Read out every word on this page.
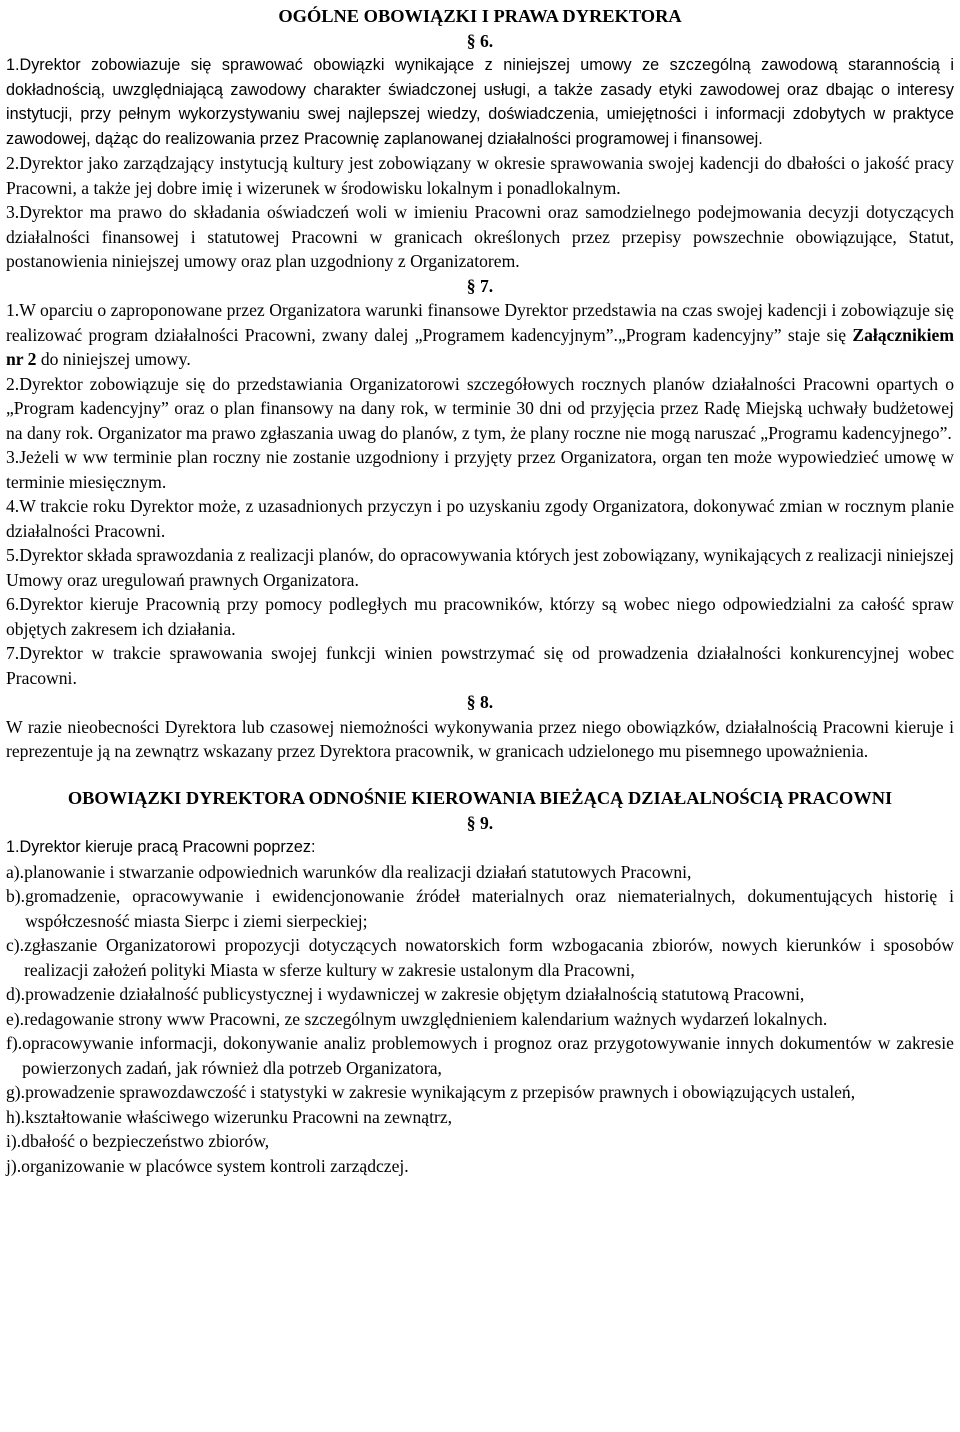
OGÓLNE OBOWIĄZKI I PRAWA DYREKTORA
§ 6.

1.Dyrektor zobowiazuje się sprawować obowiązki wynikające z niniejszej umowy ze szczególną zawodową starannością i dokładnością, uwzględniającą zawodowy charakter świadczonej usługi, a także zasady etyki zawodowej oraz dbając o interesy instytucji, przy pełnym wykorzystywaniu swej najlepszej wiedzy, doświadczenia, umiejętności i informacji zdobytych w praktyce zawodowej, dążąc do realizowania przez Pracownię zaplanowanej działalności programowej i finansowej.

2.Dyrektor jako zarządzający instytucją kultury jest zobowiązany w okresie sprawowania swojej kadencji do dbałości o jakość pracy Pracowni, a także jej dobre imię i wizerunek w środowisku lokalnym i ponadlokalnym.

3.Dyrektor ma prawo do składania oświadczeń woli w imieniu Pracowni oraz samodzielnego podejmowania decyzji dotyczących działalności finansowej i statutowej Pracowni w granicach określonych przez przepisy powszechnie obowiązujące, Statut, postanowienia niniejszej umowy oraz plan uzgodniony z Organizatorem.

§ 7.

1.W oparciu o zaproponowane przez Organizatora warunki finansowe Dyrektor przedstawia na czas swojej kadencji i zobowiązuje się realizować program działalności Pracowni, zwany dalej „Programem kadencyjnym”.„Program kadencyjny” staje się Załącznikiem nr 2 do niniejszej umowy.

2.Dyrektor zobowiązuje się do przedstawiania Organizatorowi szczegółowych rocznych planów działalności Pracowni opartych o „Program kadencyjny” oraz o plan finansowy na dany rok, w terminie 30 dni od przyjęcia przez Radę Miejską uchwały budżetowej na dany rok. Organizator ma prawo zgłaszania uwag do planów, z tym, że plany roczne nie mogą naruszać „Programu kadencyjnego”.

3.Jeżeli w ww terminie plan roczny nie zostanie uzgodniony i przyjęty przez Organizatora, organ ten może wypowiedzieć umowę w terminie miesięcznym.

4.W trakcie roku Dyrektor może, z uzasadnionych przyczyn i po uzyskaniu zgody Organizatora, dokonywać zmian w rocznym planie działalności Pracowni.

5.Dyrektor składa sprawozdania z realizacji planów, do opracowywania których jest zobowiązany, wynikających z realizacji niniejszej Umowy oraz uregulowań prawnych Organizatora.

6.Dyrektor kieruje Pracownią przy pomocy podległych mu pracowników, którzy są wobec niego odpowiedzialni za całość spraw objętych zakresem ich działania.

7.Dyrektor w trakcie sprawowania swojej funkcji winien powstrzymać się od prowadzenia działalności konkurencyjnej wobec Pracowni.

§ 8.

W razie nieobecności Dyrektora lub czasowej niemożności wykonywania przez niego obowiązków, działalnością Pracowni kieruje i reprezentuje ją na zewnątrz wskazany przez Dyrektora pracownik, w granicach udzielonego mu pisemnego upoważnienia.

OBOWIĄZKI DYREKTORA ODNOŚNIE KIEROWANIA BIEŻĄCĄ DZIAŁALNOŚCIĄ PRACOWNI
§ 9.

1.Dyrektor kieruje pracą Pracowni poprzez:

a). planowanie i stwarzanie odpowiednich warunków dla realizacji działań statutowych Pracowni,
b). gromadzenie, opracowywanie i ewidencjonowanie źródeł materialnych oraz niematerialnych, dokumentujących historię i współczesność miasta Sierpc i ziemi sierpeckiej;
c). zgłaszanie Organizatorowi propozycji dotyczących nowatorskich form wzbogacania zbiorów, nowych kierunków i sposobów realizacji założeń polityki Miasta w sferze kultury w zakresie ustalonym dla Pracowni,
d). prowadzenie działalność publicystycznej i wydawniczej w zakresie objętym działalnością statutową Pracowni,
e). redagowanie strony www Pracowni, ze szczególnym uwzględnieniem kalendarium ważnych wydarzeń lokalnych.
f). opracowywanie informacji, dokonywanie analiz problemowych i prognoz oraz przygotowywanie innych dokumentów w zakresie powierzonych zadań, jak również dla potrzeb Organizatora,
g). prowadzenie sprawozdawczość i statystyki w zakresie wynikającym z przepisów prawnych i obowiązujących ustaleń,
h). kształtowanie właściwego wizerunku Pracowni na zewnątrz,
i). dbałość o bezpieczeństwo zbiorów,
j). organizowanie w placówce system kontroli zarządczej.
